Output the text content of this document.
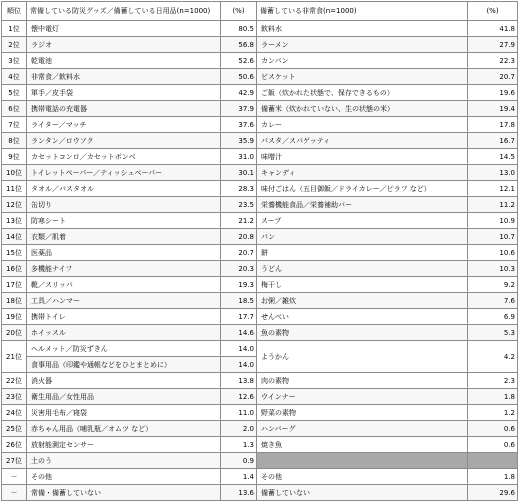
順位	常備している防災グッズ／備蓄している日用品(n=1000)	(%)	備蓄している非常食(n=1000)	(%)
1位	懐中電灯	80.5	飲料水	41.8
2位	ラジオ	56.8	ラーメン	27.9
3位	乾電池	52.6	カンパン	22.3
4位	非常食／飲料水	50.6	ビスケット	20.7
5位	軍手／皮手袋	42.9	ご飯（炊かれた状態で、保存できるもの）	19.6
6位	携帯電話の充電器	37.9	備蓄米（炊かれていない、生の状態の米）	19.4
7位	ライター／マッチ	37.6	カレー	17.8
8位	ランタン／ロウソク	35.9	パスタ／スパゲッティ	16.7
9位	カセットコンロ／カセットボンベ	31.0	味噌汁	14.5
10位	トイレットペーパー／ティッシュペーパー	30.1	キャンディ	13.0
11位	タオル／バスタオル	28.3	味付ごはん（五目御飯／ドライカレー／ピラフ など）	12.1
12位	缶切り	23.5	栄養機能食品／栄養補助バー	11.2
13位	防寒シート	21.2	スープ	10.9
14位	衣類／肌着	20.8	パン	10.7
15位	医薬品	20.7	餅	10.6
16位	多機能ナイフ	20.3	うどん	10.3
17位	靴／スリッパ	19.3	梅干し	9.2
18位	工具／ハンマー	18.5	お粥／雑炊	7.6
19位	携帯トイレ	17.7	せんべい	6.9
20位	ホイッスル	14.6	魚の素物	5.3
21位	ヘルメット／防災ずきん	14.0	ようかん	4.2
	食事用品（印鑑や通帳などをひとまとめに）	14.0		
22位	消火器	13.8	肉の素物	2.3
23位	衛生用品／女性用品	12.6	ウインナー	1.8
24位	災害用毛布／寝袋	11.0	野菜の素物	1.2
25位	赤ちゃん用品（哺乳瓶／オムツ など）	2.0	ハンバーグ	0.6
26位	放射能測定センサー	1.3	焼き魚	0.6
27位	土のう	0.9		
－	その他	1.4	その他	1.8
－	常備・備蓄していない	13.6	備蓄していない	29.6
